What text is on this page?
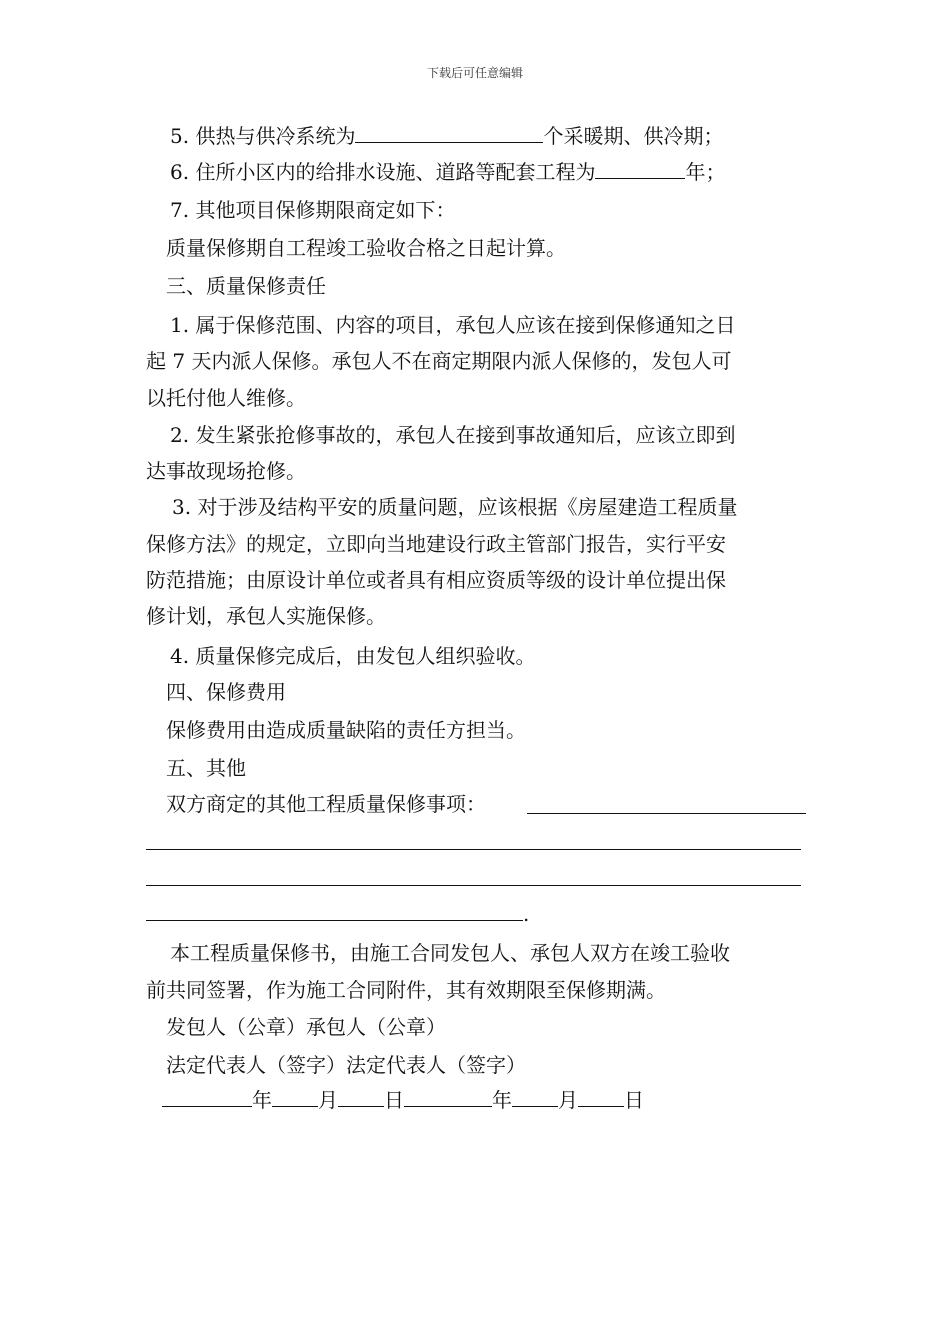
下载后可任意编辑
5. 供热与供冷系统为	个采暖期、供冷期；
6. 住所小区内的给排水设施、道路等配套工程为	年；
7. 其他项目保修期限商定如下：
质量保修期自工程竣工验收合格之日起计算。
三、质量保修责任
1. 属于保修范围、内容的项目，承包人应该在接到保修通知之日
起 7 天内派人保修。承包人不在商定期限内派人保修的，发包人可
以托付他人维修。
2. 发生紧张抢修事故的，承包人在接到事故通知后，应该立即到
达事故现场抢修。
3. 对于涉及结构平安的质量问题，应该根据《房屋建造工程质量
保修方法》的规定，立即向当地建设行政主管部门报告，实行平安
防范措施；由原设计单位或者具有相应资质等级的设计单位提出保
修计划，承包人实施保修。
4. 质量保修完成后，由发包人组织验收。
四、保修费用
保修费用由造成质量缺陷的责任方担当。
五、其他
双方商定的其他工程质量保修事项：
.
本工程质量保修书，由施工合同发包人、承包人双方在竣工验收
前共同签署，作为施工合同附件，其有效期限至保修期满。
发包人（公章）承包人（公章）
法定代表人（签字）法定代表人（签字）
年 月 日	年 月 日
